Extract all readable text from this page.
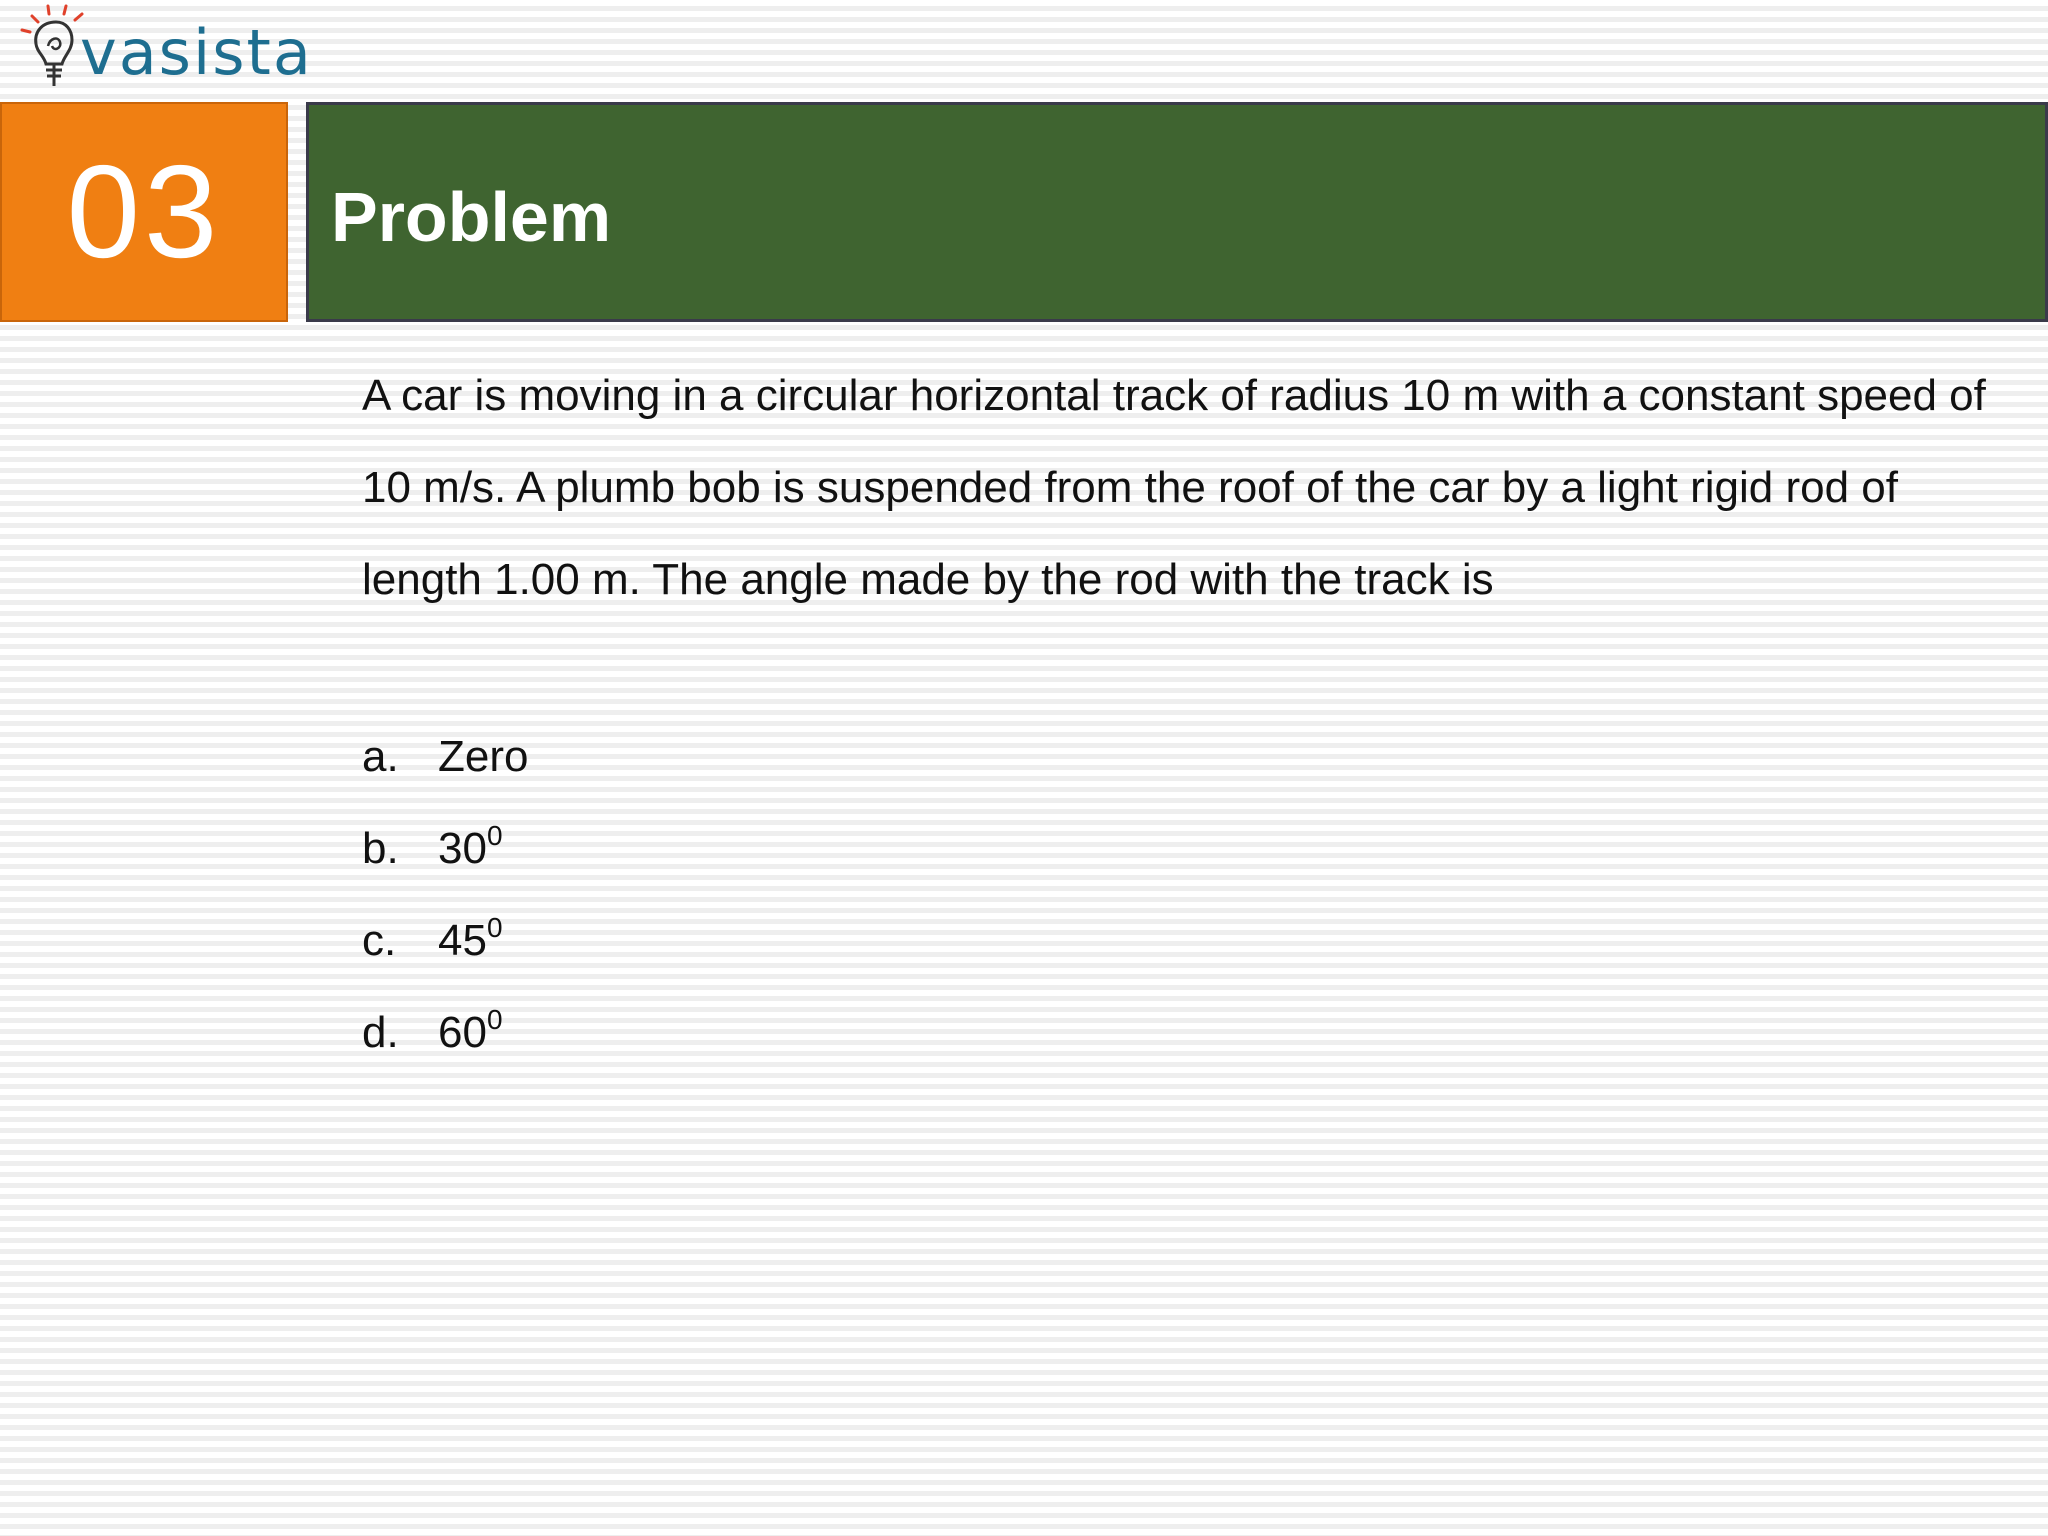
vasista
03 Problem

A car is moving in a circular horizontal track of radius 10 m with a constant speed of 10 m/s. A plumb bob is suspended from the roof of the car by a light rigid rod of length 1.00 m. The angle made by the rod with the track is

a. Zero
b. $30^0$
c. $45^0$
d. $60^0$
